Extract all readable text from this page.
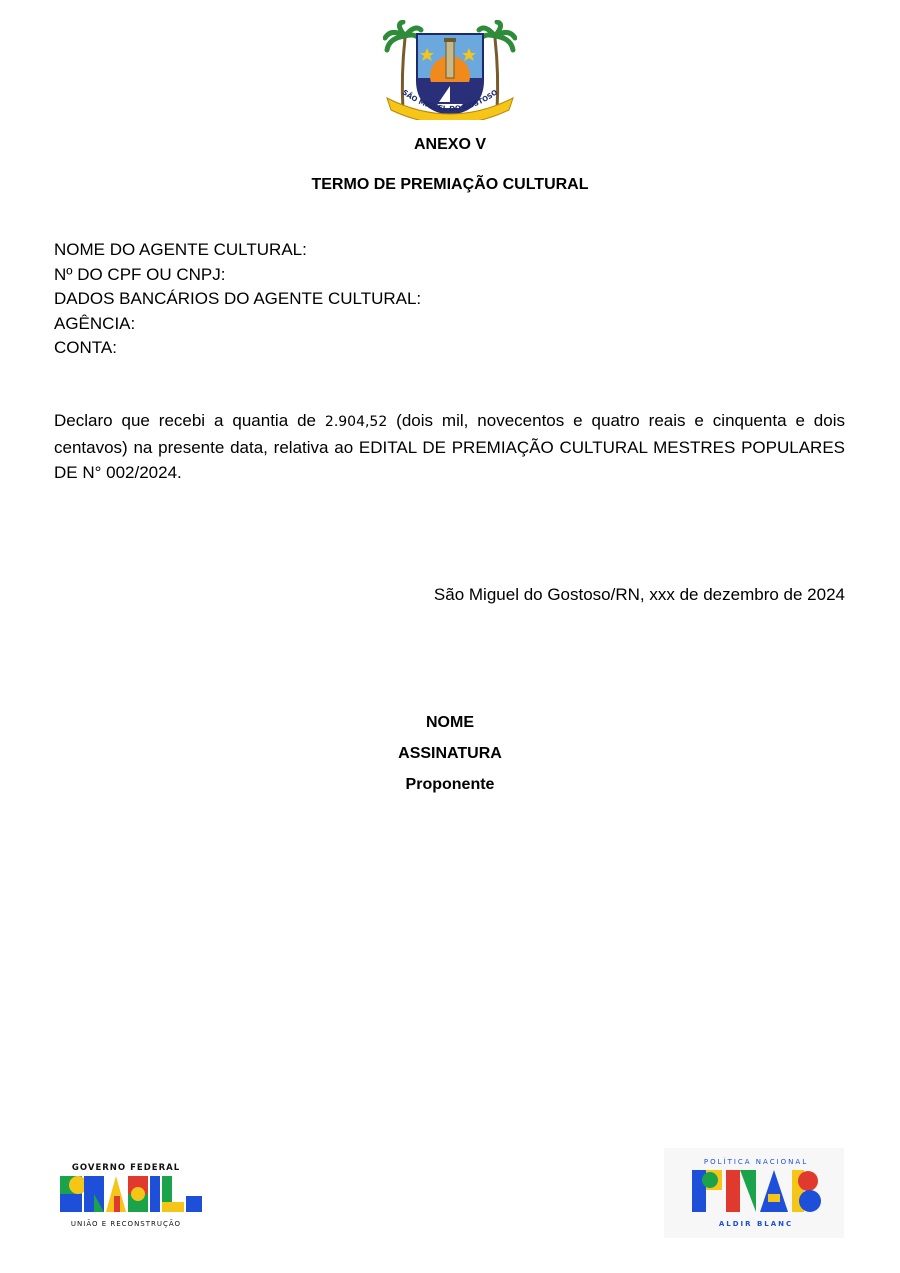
SÃO MIGUEL DO GOSTOSO
ANEXO V
TERMO DE PREMIAÇÃO CULTURAL
NOME DO AGENTE CULTURAL:
Nº DO CPF OU CNPJ:
DADOS BANCÁRIOS DO AGENTE CULTURAL:
AGÊNCIA:
CONTA:
Declaro que recebi a quantia de 2.904,52 (dois mil, novecentos e quatro reais e cinquenta e dois centavos) na presente data, relativa ao EDITAL DE PREMIAÇÃO CULTURAL MESTRES POPULARES DE N° 002/2024.
São Miguel do Gostoso/RN, xxx de dezembro de 2024
NOME
ASSINATURA
Proponente
GOVERNO FEDERAL
UNIÃO E RECONSTRUÇÃO
POLÍTICA NACIONAL
ALDIR BLANC
